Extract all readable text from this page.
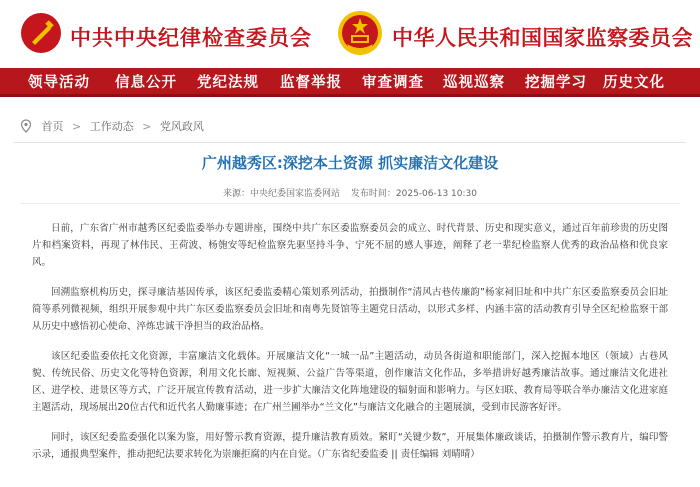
中共中央纪律检查委员会	中华人民共和国国家监察委员会
领导活动 信息公开 党纪法规 监督举报 审查调查 巡视巡察 挖掘学习 历史文化
首页 > 工作动态 > 党风政风
广州越秀区:深挖本土资源 抓实廉洁文化建设
来源：中央纪委国家监委网站 发布时间：2025-06-13 10:30

日前，广东省广州市越秀区纪委监委举办专题讲座，围绕中共广东区委监察委员会的成立、时代背景、历史和现实意义，通过百年前珍贵的历史图片和档案资料，再现了林伟民、王荷波、杨匏安等纪检监察先驱坚持斗争、宁死不屈的感人事迹，阐释了老一辈纪检监察人优秀的政治品格和优良家风。

回溯监察机构历史，探寻廉洁基因传承，该区纪委监委精心策划系列活动，拍摄制作“清风古巷传廉韵”杨家祠旧址和中共广东区委监察委员会旧址简等系列微视频，组织开展参观中共广东区委监察委员会旧址和南粤先贤馆等主题党日活动，以形式多样、内涵丰富的活动教育引导全区纪检监察干部从历史中感悟初心使命、淬炼忠诚干净担当的政治品格。

该区纪委监委依托文化资源，丰富廉洁文化载体。开展廉洁文化“一城一品”主题活动，动员各街道和职能部门，深入挖掘本地区（领域）古巷风貌、传统民俗、历史文化等特色资源，利用文化长廊、短视频、公益广告等渠道，创作廉洁文化作品，多举措讲好越秀廉洁故事。通过廉洁文化进社区、进学校、进景区等方式，广泛开展宣传教育活动，进一步扩大廉洁文化阵地建设的辐射面和影响力。与区妇联、教育局等联合举办廉洁文化进家庭主题活动，现场展出20位古代和近代名人勤廉事迹；在广州兰圃举办“兰文化”与廉洁文化融合的主题展演，受到市民游客好评。

同时，该区纪委监委强化以案为鉴，用好警示教育资源，提升廉洁教育质效。紧盯“关键少数”，开展集体廉政谈话，拍摄制作警示教育片，编印警示录，通报典型案件，推动把纪法要求转化为崇廉拒腐的内在自觉。（广东省纪委监委 || 责任编辑 刘晴晴）
